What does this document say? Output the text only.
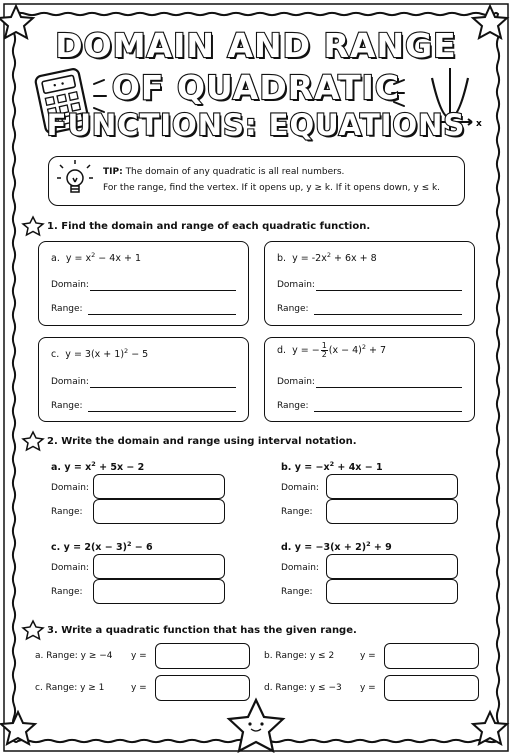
x
DOMAIN AND RANGE
OF QUADRATIC
FUNCTIONS: EQUATIONS
TIP: The domain of any quadratic is all real numbers.
For the range, find the vertex. If it opens up, y ≥ k. If it opens down, y ≤ k.
1. Find the domain and range of each quadratic function.
a. $y = x^2 - 4x + 1$
Domain:
Range:
b. $y = -2x^2 + 6x + 8$
Domain:
Range:
c. $y = 3(x + 1)^2 - 5$
Domain:
Range:
d. y = − $\frac{1}{2} (x - 4)^2 + 7$
Domain:
Range:
2. Write the domain and range using interval notation.
a. $y = x^2 + 5x - 2$
Domain:
Range:
b. $y = -x^2 + 4x - 1$
Domain:
Range:
c. $y = 2(x - 3)^2 - 6$
Domain:
Range:
d. $y = -3(x + 2)^2 + 9$
Domain:
Range:
3. Write a quadratic function that has the given range.
a. Range: y ≥ −4 y =	b. Range: y ≤ 2	y =
c. Range: y ≥ 1	y =	d. Range: y ≤ −3 y =
